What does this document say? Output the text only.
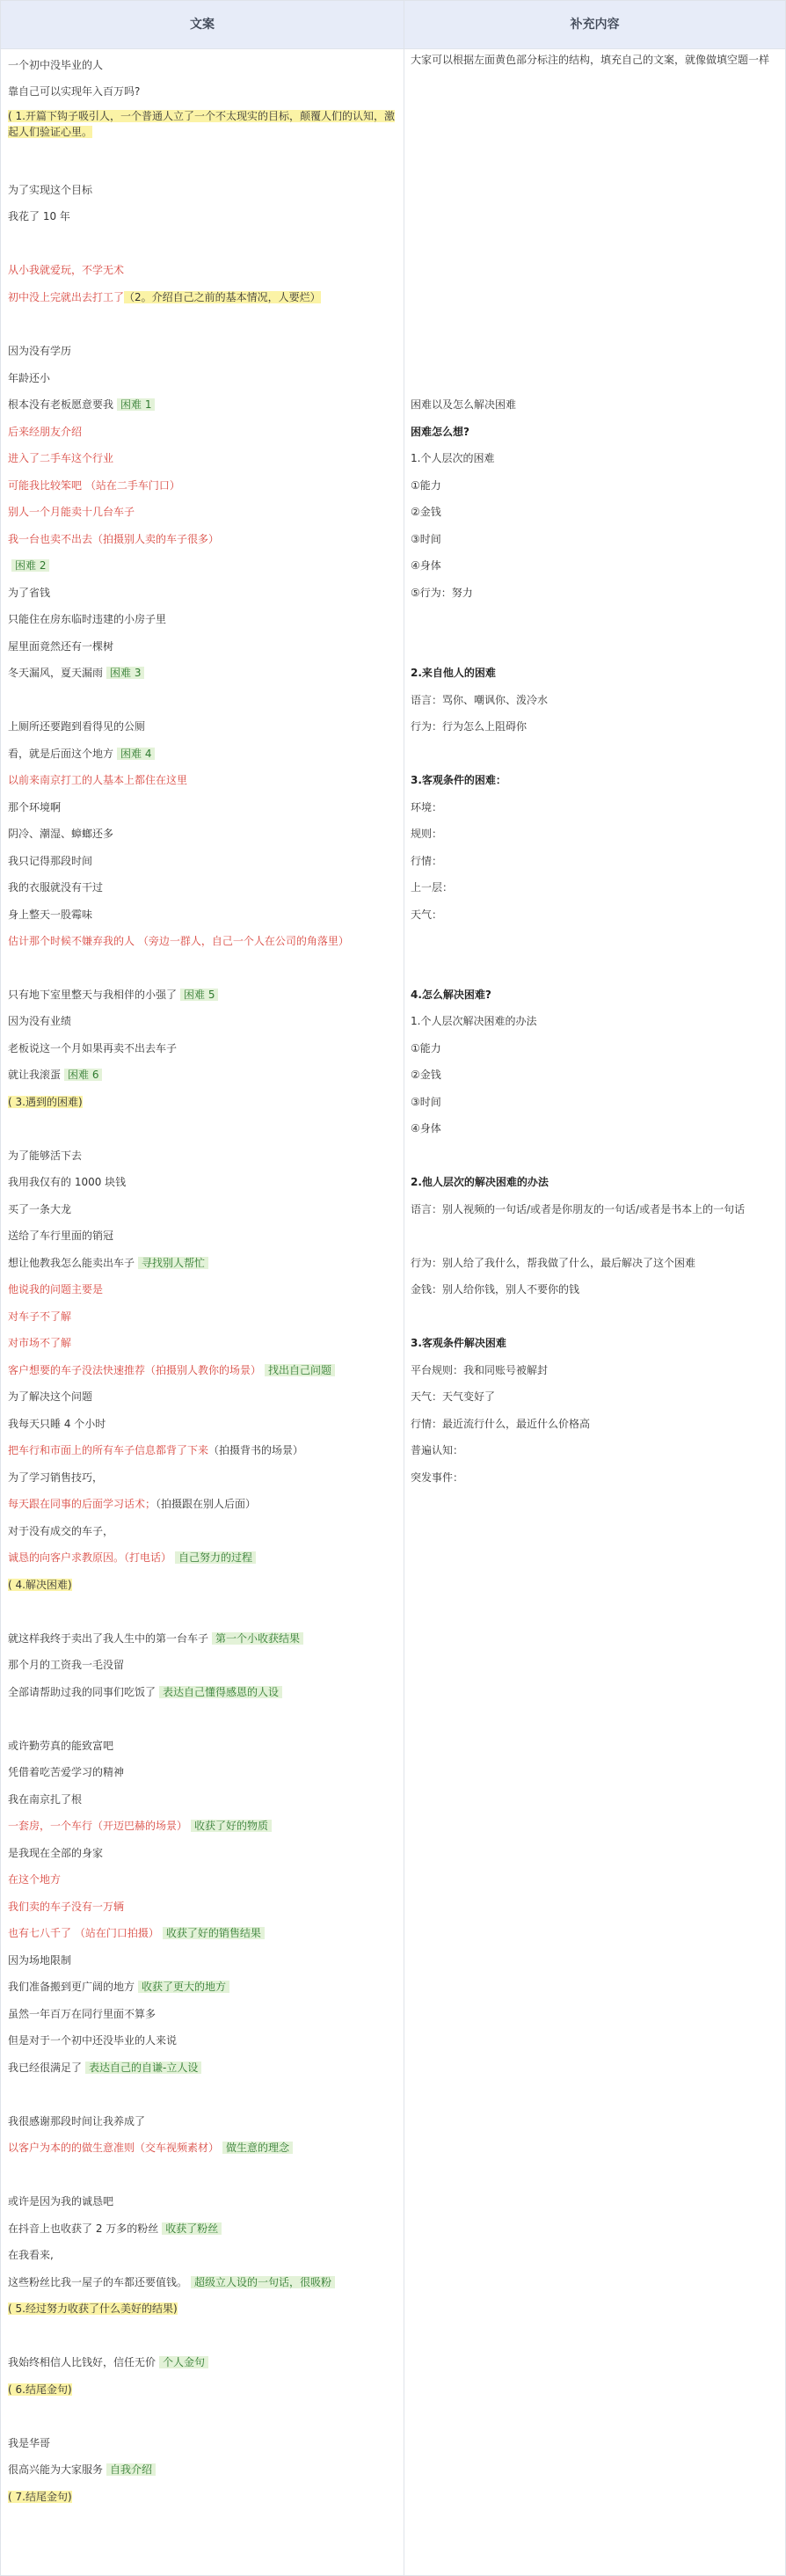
文案	补充内容
一个初中没毕业的人
靠自己可以实现年入百万吗?
( 1.开篇下钩子吸引人，一个普通人立了一个不太现实的目标，颠覆人们的认知，激起人们验证心里。
为了实现这个目标
我花了 10 年
从小我就爱玩，不学无术
初中没上完就出去打工了（2。介绍自己之前的基本情况，人要烂）
因为没有学历
年龄还小
根本没有老板愿意要我 困难 1
后来经朋友介绍
进入了二手车这个行业
可能我比较笨吧 （站在二手车门口）
别人一个月能卖十几台车子
我一台也卖不出去（拍摄别人卖的车子很多）
困难 2
为了省钱
只能住在房东临时违建的小房子里
屋里面竟然还有一棵树
冬天漏风，夏天漏雨 困难 3
上厕所还要跑到看得见的公厕
看，就是后面这个地方 困难 4
以前来南京打工的人基本上都住在这里
那个环境啊
阴冷、潮湿、蟑螂还多
我只记得那段时间
我的衣服就没有干过
身上整天一股霉味
估计那个时候不嫌弃我的人 （旁边一群人，自己一个人在公司的角落里）
只有地下室里整天与我相伴的小强了 困难 5
因为没有业绩
老板说这一个月如果再卖不出去车子
就让我滚蛋 困难 6
( 3.遇到的困难)
为了能够活下去
我用我仅有的 1000 块钱
买了一条大龙
送给了车行里面的销冠
想让他教我怎么能卖出车子 寻找别人帮忙
他说我的问题主要是
对车子不了解
对市场不了解
客户想要的车子没法快速推荐（拍摄别人教你的场景） 找出自己问题
为了解决这个问题
我每天只睡 4 个小时
把车行和市面上的所有车子信息都背了下来（拍摄背书的场景）
为了学习销售技巧，
每天跟在同事的后面学习话术；（拍摄跟在别人后面）
对于没有成交的车子，
诚恳的向客户求教原因。（打电话） 自己努力的过程
( 4.解决困难)
就这样我终于卖出了我人生中的第一台车子 第一个小收获结果
那个月的工资我一毛没留
全部请帮助过我的同事们吃饭了 表达自己懂得感恩的人设
或许勤劳真的能致富吧
凭借着吃苦爱学习的精神
我在南京扎了根
一套房，一个车行（开迈巴赫的场景） 收获了好的物质
是我现在全部的身家
在这个地方
我们卖的车子没有一万辆
也有七八千了 （站在门口拍摄） 收获了好的销售结果
因为场地限制
我们准备搬到更广阔的地方 收获了更大的地方
虽然一年百万在同行里面不算多
但是对于一个初中还没毕业的人来说
我已经很满足了 表达自己的自谦-立人设
我很感谢那段时间让我养成了
以客户为本的的做生意准则（交车视频素材） 做生意的理念
或许是因为我的诚恳吧
在抖音上也收获了 2 万多的粉丝 收获了粉丝
在我看来,
这些粉丝比我一屋子的车都还要值钱。 超级立人设的一句话，很吸粉
( 5.经过努力收获了什么美好的结果)
我始终相信人比钱好，信任无价 个人金句
( 6.结尾金句)
我是华哥
很高兴能为大家服务 自我介绍
( 7.结尾金句)
大家可以根据左面黄色部分标注的结构，填充自己的文案，就像做填空题一样
困难以及怎么解决困难
困难怎么想?
1.个人层次的困难
①能力
②金钱
③时间
④身体
⑤行为：努力
2.来自他人的困难
语言：骂你、嘲讽你、泼冷水
行为：行为怎么上阻碍你
3.客观条件的困难：
环境：
规则：
行情：
上一层：
天气：
4.怎么解决困难?
1.个人层次解决困难的办法
①能力
②金钱
③时间
④身体
2.他人层次的解决困难的办法
语言：别人视频的一句话/或者是你朋友的一句话/或者是书本上的一句话
行为：别人给了我什么，帮我做了什么，最后解决了这个困难
金钱：别人给你钱，别人不要你的钱
3.客观条件解决困难
平台规则：我和同账号被解封
天气：天气变好了
行情：最近流行什么，最近什么价格高
普遍认知：
突发事件：
